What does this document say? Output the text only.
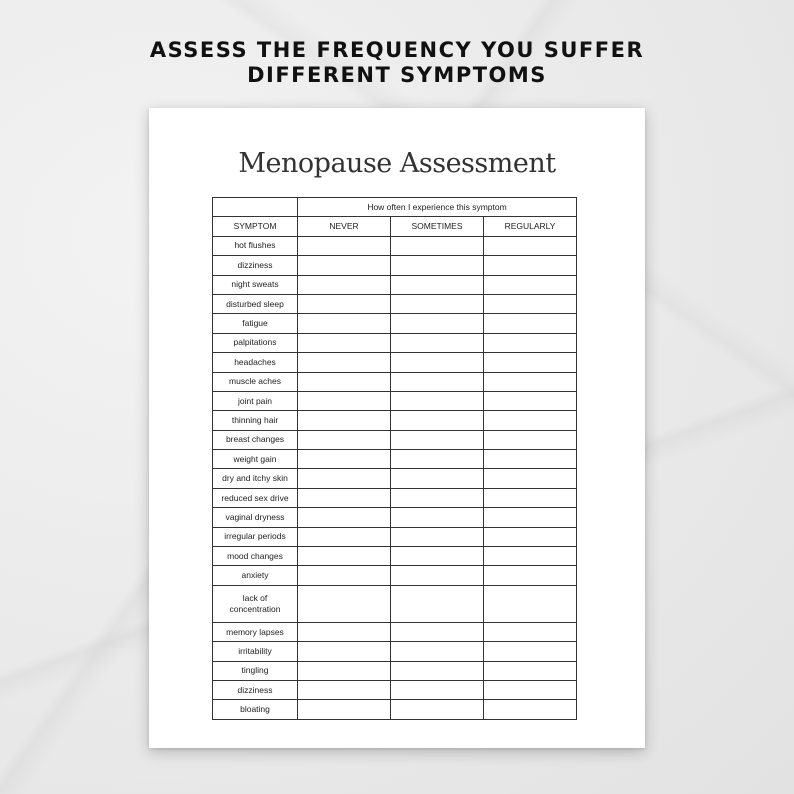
ASSESS THE FREQUENCY YOU SUFFER
DIFFERENT SYMPTOMS
Menopause Assessment
	How often I experience this symptom		
SYMPTOM	NEVER	SOMETIMES	REGULARLY
hot flushes			
dizziness			
night sweats			
disturbed sleep			
fatigue			
palpitations			
headaches			
muscle aches			
joint pain			
thinning hair			
breast changes			
weight gain			
dry and itchy skin			
reduced sex drive			
vaginal dryness			
irregular periods			
mood changes			
anxiety			
lack of concentration			
memory lapses			
irritability			
tingling			
dizziness			
bloating			
